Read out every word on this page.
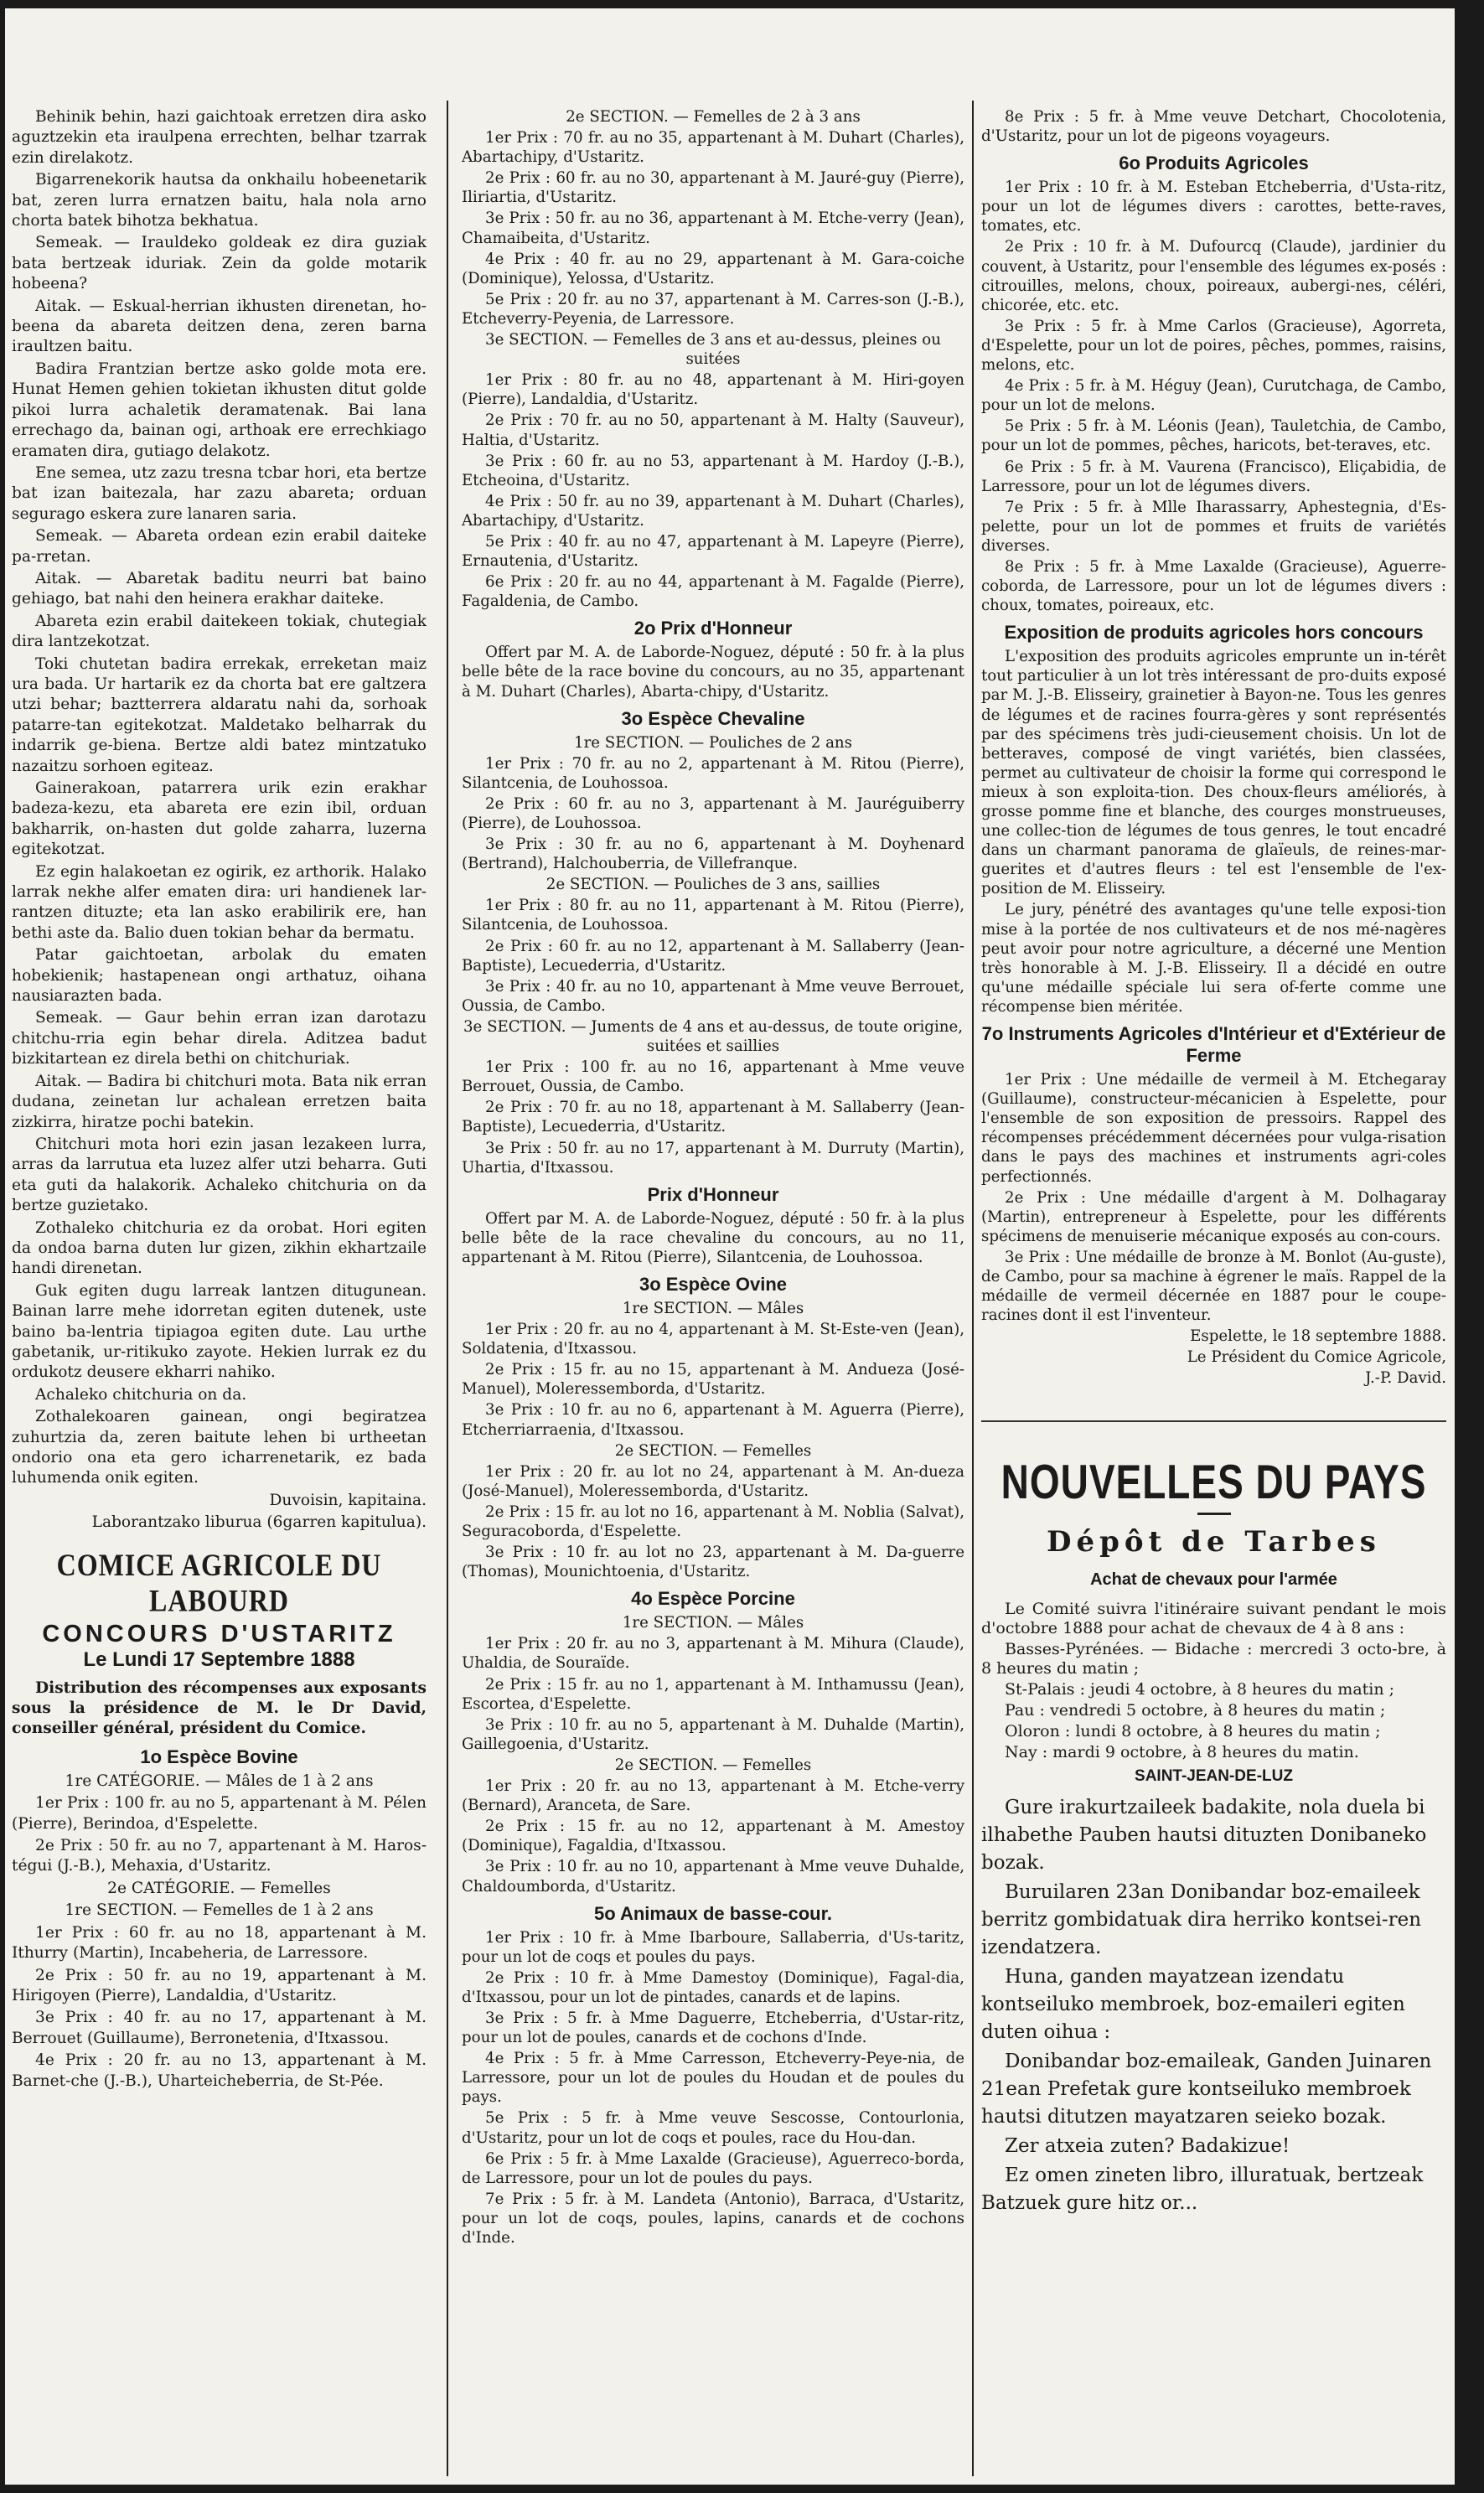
Behinik behin, hazi gaichtoak erretzen dira asko aguztzekin eta iraulpena errechten, belhar tzarrak ezin direlakotz.

Bigarrenekorik hautsa da onkhailu hobeenetarik bat, zeren lurra ernatzen baitu, hala nola arno chorta batek bihotza bekhatua.

Semeak. — Irauldeko goldeak ez dira guziak bata bertzeak iduriak. Zein da golde motarik hobeena?

Aitak. — Eskual-herrian ikhusten direnetan, ho-beena da abareta deitzen dena, zeren barna iraultzen baitu.

Badira Frantzian bertze asko golde mota ere. Hunat Hemen gehien tokietan ikhusten ditut golde pikoi lurra achaletik deramatenak. Bai lana errechago da, bainan ogi, arthoak ere errechkiago eramaten dira, gutiago delakotz.

Ene semea, utz zazu tresna tcbar hori, eta bertze bat izan baitezala, har zazu abareta; orduan segurago eskera zure lanaren saria.

Semeak. — Abareta ordean ezin erabil daiteke pa-rretan.

Aitak. — Abaretak baditu neurri bat baino gehiago, bat nahi den heinera erakhar daiteke.

Abareta ezin erabil daitekeen tokiak, chutegiak dira lantzekotzat.

Toki chutetan badira errekak, erreketan maiz ura bada. Ur hartarik ez da chorta bat ere galtzera utzi behar; baztterrera aldaratu nahi da, sorhoak patarre-tan egitekotzat. Maldetako belharrak du indarrik ge-biena. Bertze aldi batez mintzatuko nazaitzu sorhoen egiteaz.

Gainerakoan, patarrera urik ezin erakhar badeza-kezu, eta abareta ere ezin ibil, orduan bakharrik, on-hasten dut golde zaharra, luzerna egitekotzat.

Ez egin halakoetan ez ogirik, ez arthorik. Halako larrak nekhe alfer ematen dira: uri handienek lar-rantzen dituzte; eta lan asko erabilirik ere, han bethi aste da. Balio duen tokian behar da bermatu.

Patar gaichtoetan, arbolak du ematen hobekienik; hastapenean ongi arthatuz, oihana nausiarazten bada.

Semeak. — Gaur behin erran izan darotazu chitchu-rria egin behar direla. Aditzea badut bizkitartean ez direla bethi on chitchuriak.

Aitak. — Badira bi chitchuri mota. Bata nik erran dudana, zeinetan lur achalean erretzen baita zizkirra, hiratze pochi batekin.

Chitchuri mota hori ezin jasan lezakeen lurra, arras da larrutua eta luzez alfer utzi beharra. Guti eta guti da halakorik. Achaleko chitchuria on da bertze guzietako.

Zothaleko chitchuria ez da orobat. Hori egiten da ondoa barna duten lur gizen, zikhin ekhartzaile handi direnetan.

Guk egiten dugu larreak lantzen ditugunean. Bainan larre mehe idorretan egiten dutenek, uste baino ba-lentria tipiagoa egiten dute. Lau urthe gabetanik, ur-ritikuko zayote. Hekien lurrak ez du ordukotz deusere ekharri nahiko.

Achaleko chitchuria on da.

Zothalekoaren gainean, ongi begiratzea zuhurtzia da, zeren baitute lehen bi urtheetan ondorio ona eta gero icharrenetarik, ez bada luhumenda onik egiten.

Duvoisin, kapitaina.

Laborantzako liburua (6garren kapitulua).

COMICE AGRICOLE DU LABOURD
CONCOURS D'USTARITZ
Le Lundi 17 Septembre 1888

Distribution des récompenses aux exposants sous la présidence de M. le Dr David, conseiller général, président du Comice.

1o Espèce Bovine

1re CATÉGORIE. — Mâles de 1 à 2 ans

1er Prix : 100 fr. au no 5, appartenant à M. Pélen (Pierre), Berindoa, d'Espelette.

2e Prix : 50 fr. au no 7, appartenant à M. Haros-tégui (J.-B.), Mehaxia, d'Ustaritz.

2e CATÉGORIE. — Femelles

1re SECTION. — Femelles de 1 à 2 ans

1er Prix : 60 fr. au no 18, appartenant à M. Ithurry (Martin), Incabeheria, de Larressore.

2e Prix : 50 fr. au no 19, appartenant à M. Hirigoyen (Pierre), Landaldia, d'Ustaritz.

3e Prix : 40 fr. au no 17, appartenant à M. Berrouet (Guillaume), Berronetenia, d'Itxassou.

4e Prix : 20 fr. au no 13, appartenant à M. Barnet-che (J.-B.), Uharteicheberria, de St-Pée.

2e SECTION. — Femelles de 2 à 3 ans

1er Prix : 70 fr. au no 35, appartenant à M. Duhart (Charles), Abartachipy, d'Ustaritz.

2e Prix : 60 fr. au no 30, appartenant à M. Jauré-guy (Pierre), Iliriartia, d'Ustaritz.

3e Prix : 50 fr. au no 36, appartenant à M. Etche-verry (Jean), Chamaibeita, d'Ustaritz.

4e Prix : 40 fr. au no 29, appartenant à M. Gara-coiche (Dominique), Yelossa, d'Ustaritz.

5e Prix : 20 fr. au no 37, appartenant à M. Carres-son (J.-B.), Etcheverry-Peyenia, de Larressore.

3e SECTION. — Femelles de 3 ans et au-dessus, pleines ou suitées

1er Prix : 80 fr. au no 48, appartenant à M. Hiri-goyen (Pierre), Landaldia, d'Ustaritz.

2e Prix : 70 fr. au no 50, appartenant à M. Halty (Sauveur), Haltia, d'Ustaritz.

3e Prix : 60 fr. au no 53, appartenant à M. Hardoy (J.-B.), Etcheoina, d'Ustaritz.

4e Prix : 50 fr. au no 39, appartenant à M. Duhart (Charles), Abartachipy, d'Ustaritz.

5e Prix : 40 fr. au no 47, appartenant à M. Lapeyre (Pierre), Ernautenia, d'Ustaritz.

6e Prix : 20 fr. au no 44, appartenant à M. Fagalde (Pierre), Fagaldenia, de Cambo.

2o Prix d'Honneur

Offert par M. A. de Laborde-Noguez, député : 50 fr. à la plus belle bête de la race bovine du concours, au no 35, appartenant à M. Duhart (Charles), Abarta-chipy, d'Ustaritz.

3o Espèce Chevaline

1re SECTION. — Pouliches de 2 ans

1er Prix : 70 fr. au no 2, appartenant à M. Ritou (Pierre), Silantcenia, de Louhossoa.

2e Prix : 60 fr. au no 3, appartenant à M. Jauréguiberry (Pierre), de Louhossoa.

3e Prix : 30 fr. au no 6, appartenant à M. Doyhenard (Bertrand), Halchouberria, de Villefranque.

2e SECTION. — Pouliches de 3 ans, saillies

1er Prix : 80 fr. au no 11, appartenant à M. Ritou (Pierre), Silantcenia, de Louhossoa.

2e Prix : 60 fr. au no 12, appartenant à M. Sallaberry (Jean-Baptiste), Lecuederria, d'Ustaritz.

3e Prix : 40 fr. au no 10, appartenant à Mme veuve Berrouet, Oussia, de Cambo.

3e SECTION. — Juments de 4 ans et au-dessus, de toute origine, suitées et saillies

1er Prix : 100 fr. au no 16, appartenant à Mme veuve Berrouet, Oussia, de Cambo.

2e Prix : 70 fr. au no 18, appartenant à M. Sallaberry (Jean-Baptiste), Lecuederria, d'Ustaritz.

3e Prix : 50 fr. au no 17, appartenant à M. Durruty (Martin), Uhartia, d'Itxassou.

Prix d'Honneur

Offert par M. A. de Laborde-Noguez, député : 50 fr. à la plus belle bête de la race chevaline du concours, au no 11, appartenant à M. Ritou (Pierre), Silantcenia, de Louhossoa.

3o Espèce Ovine

1re SECTION. — Mâles

1er Prix : 20 fr. au no 4, appartenant à M. St-Este-ven (Jean), Soldatenia, d'Itxassou.

2e Prix : 15 fr. au no 15, appartenant à M. Andueza (José-Manuel), Moleressemborda, d'Ustaritz.

3e Prix : 10 fr. au no 6, appartenant à M. Aguerra (Pierre), Etcherriarraenia, d'Itxassou.

2e SECTION. — Femelles

1er Prix : 20 fr. au lot no 24, appartenant à M. An-dueza (José-Manuel), Moleressemborda, d'Ustaritz.

2e Prix : 15 fr. au lot no 16, appartenant à M. Noblia (Salvat), Seguracoborda, d'Espelette.

3e Prix : 10 fr. au lot no 23, appartenant à M. Da-guerre (Thomas), Mounichtoenia, d'Ustaritz.

4o Espèce Porcine

1re SECTION. — Mâles

1er Prix : 20 fr. au no 3, appartenant à M. Mihura (Claude), Uhaldia, de Souraïde.

2e Prix : 15 fr. au no 1, appartenant à M. Inthamussu (Jean), Escortea, d'Espelette.

3e Prix : 10 fr. au no 5, appartenant à M. Duhalde (Martin), Gaillegoenia, d'Ustaritz.

2e SECTION. — Femelles

1er Prix : 20 fr. au no 13, appartenant à M. Etche-verry (Bernard), Aranceta, de Sare.

2e Prix : 15 fr. au no 12, appartenant à M. Amestoy (Dominique), Fagaldia, d'Itxassou.

3e Prix : 10 fr. au no 10, appartenant à Mme veuve Duhalde, Chaldoumborda, d'Ustaritz.

5o Animaux de basse-cour.

1er Prix : 10 fr. à Mme Ibarboure, Sallaberria, d'Us-taritz, pour un lot de coqs et poules du pays.

2e Prix : 10 fr. à Mme Damestoy (Dominique), Fagal-dia, d'Itxassou, pour un lot de pintades, canards et de lapins.

3e Prix : 5 fr. à Mme Daguerre, Etcheberria, d'Ustar-ritz, pour un lot de poules, canards et de cochons d'Inde.

4e Prix : 5 fr. à Mme Carresson, Etcheverry-Peye-nia, de Larressore, pour un lot de poules du Houdan et de poules du pays.

5e Prix : 5 fr. à Mme veuve Sescosse, Contourlonia, d'Ustaritz, pour un lot de coqs et poules, race du Hou-dan.

6e Prix : 5 fr. à Mme Laxalde (Gracieuse), Aguerreco-borda, de Larressore, pour un lot de poules du pays.

7e Prix : 5 fr. à M. Landeta (Antonio), Barraca, d'Ustaritz, pour un lot de coqs, poules, lapins, canards et de cochons d'Inde.

8e Prix : 5 fr. à Mme veuve Detchart, Chocolotenia, d'Ustaritz, pour un lot de pigeons voyageurs.

6o Produits Agricoles

1er Prix : 10 fr. à M. Esteban Etcheberria, d'Usta-ritz, pour un lot de légumes divers : carottes, bette-raves, tomates, etc.

2e Prix : 10 fr. à M. Dufourcq (Claude), jardinier du couvent, à Ustaritz, pour l'ensemble des légumes ex-posés : citrouilles, melons, choux, poireaux, aubergi-nes, céléri, chicorée, etc. etc.

3e Prix : 5 fr. à Mme Carlos (Gracieuse), Agorreta, d'Espelette, pour un lot de poires, pêches, pommes, raisins, melons, etc.

4e Prix : 5 fr. à M. Héguy (Jean), Curutchaga, de Cambo, pour un lot de melons.

5e Prix : 5 fr. à M. Léonis (Jean), Tauletchia, de Cambo, pour un lot de pommes, pêches, haricots, bet-teraves, etc.

6e Prix : 5 fr. à M. Vaurena (Francisco), Eliçabidia, de Larressore, pour un lot de légumes divers.

7e Prix : 5 fr. à Mlle Iharassarry, Aphestegnia, d'Es-pelette, pour un lot de pommes et fruits de variétés diverses.

8e Prix : 5 fr. à Mme Laxalde (Gracieuse), Aguerre-coborda, de Larressore, pour un lot de légumes divers : choux, tomates, poireaux, etc.

Exposition de produits agricoles hors concours

L'exposition des produits agricoles emprunte un in-térêt tout particulier à un lot très intéressant de pro-duits exposé par M. J.-B. Elisseiry, grainetier à Bayon-ne. Tous les genres de légumes et de racines fourra-gères y sont représentés par des spécimens très judi-cieusement choisis. Un lot de betteraves, composé de vingt variétés, bien classées, permet au cultivateur de choisir la forme qui correspond le mieux à son exploita-tion. Des choux-fleurs améliorés, à grosse pomme fine et blanche, des courges monstrueuses, une collec-tion de légumes de tous genres, le tout encadré dans un charmant panorama de glaïeuls, de reines-mar-guerites et d'autres fleurs : tel est l'ensemble de l'ex-position de M. Elisseiry.

Le jury, pénétré des avantages qu'une telle exposi-tion mise à la portée de nos cultivateurs et de nos mé-nagères peut avoir pour notre agriculture, a décerné une Mention très honorable à M. J.-B. Elisseiry. Il a décidé en outre qu'une médaille spéciale lui sera of-ferte comme une récompense bien méritée.

7o Instruments Agricoles d'Intérieur et d'Extérieur de Ferme

1er Prix : Une médaille de vermeil à M. Etchegaray (Guillaume), constructeur-mécanicien à Espelette, pour l'ensemble de son exposition de pressoirs. Rappel des récompenses précédemment décernées pour vulga-risation dans le pays des machines et instruments agri-coles perfectionnés.

2e Prix : Une médaille d'argent à M. Dolhagaray (Martin), entrepreneur à Espelette, pour les différents spécimens de menuiserie mécanique exposés au con-cours.

3e Prix : Une médaille de bronze à M. Bonlot (Au-guste), de Cambo, pour sa machine à égrener le maïs. Rappel de la médaille de vermeil décernée en 1887 pour le coupe-racines dont il est l'inventeur.

Espelette, le 18 septembre 1888.

Le Président du Comice Agricole,

J.-P. David.

NOUVELLES DU PAYS
Dépôt de Tarbes
Achat de chevaux pour l'armée

Le Comité suivra l'itinéraire suivant pendant le mois d'octobre 1888 pour achat de chevaux de 4 à 8 ans :

Basses-Pyrénées. — Bidache : mercredi 3 octo-bre, à 8 heures du matin ;

St-Palais : jeudi 4 octobre, à 8 heures du matin ;

Pau : vendredi 5 octobre, à 8 heures du matin ;

Oloron : lundi 8 octobre, à 8 heures du matin ;

Nay : mardi 9 octobre, à 8 heures du matin.

SAINT-JEAN-DE-LUZ

Gure irakurtzaileek badakite, nola duela bi ilhabethe Pauben hautsi dituzten Donibaneko bozak.

Buruilaren 23an Donibandar boz-emaileek berritz gombidatuak dira herriko kontsei-ren izendatzera.

Huna, ganden mayatzean izendatu kontseiluko membroek, boz-emaileri egiten duten oihua :

Donibandar boz-emaileak, Ganden Juinaren 21ean Prefetak gure kontseiluko membroek hautsi ditutzen mayatzaren seieko bozak.

Zer atxeia zuten? Badakizue!

Ez omen zineten libro, illuratuak, bertzeak Batzuek gure hitz or...
